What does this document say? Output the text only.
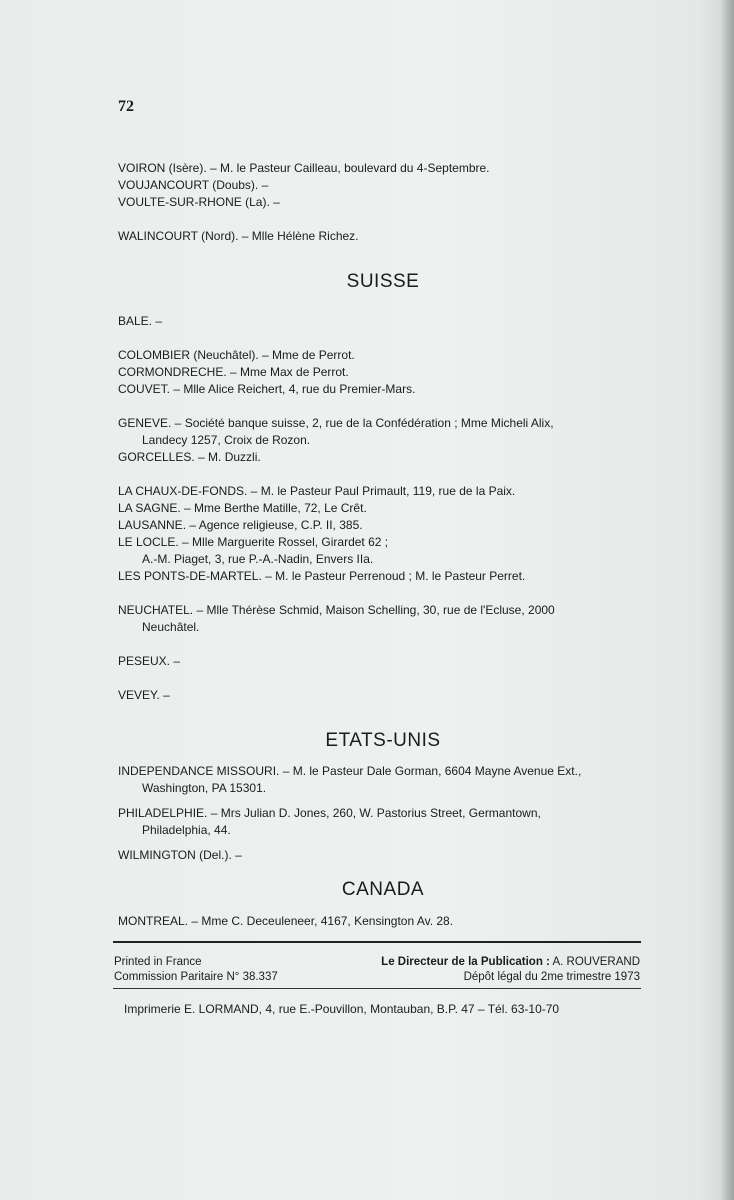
72
VOIRON (Isère). – M. le Pasteur Cailleau, boulevard du 4-Septembre.
VOUJANCOURT (Doubs). –
VOULTE-SUR-RHONE (La). –
WALINCOURT (Nord). – Mlle Hélène Richez.
SUISSE
BALE. –
COLOMBIER (Neuchâtel). – Mme de Perrot.
CORMONDRECHE. – Mme Max de Perrot.
COUVET. – Mlle Alice Reichert, 4, rue du Premier-Mars.
GENEVE. – Société banque suisse, 2, rue de la Confédération ; Mme Micheli Alix,
Landecy 1257, Croix de Rozon.
GORCELLES. – M. Duzzli.
LA CHAUX-DE-FONDS. – M. le Pasteur Paul Primault, 119, rue de la Paix.
LA SAGNE. – Mme Berthe Matille, 72, Le Crêt.
LAUSANNE. – Agence religieuse, C.P. II, 385.
LE LOCLE. – Mlle Marguerite Rossel, Girardet 62 ;
A.-M. Piaget, 3, rue P.-A.-Nadin, Envers IIa.
LES PONTS-DE-MARTEL. – M. le Pasteur Perrenoud ; M. le Pasteur Perret.
NEUCHATEL. – Mlle Thérèse Schmid, Maison Schelling, 30, rue de l'Ecluse, 2000
Neuchâtel.
PESEUX. –
VEVEY. –
ETATS-UNIS
INDEPENDANCE MISSOURI. – M. le Pasteur Dale Gorman, 6604 Mayne Avenue Ext.,
Washington, PA 15301.
PHILADELPHIE. – Mrs Julian D. Jones, 260, W. Pastorius Street, Germantown,
Philadelphia, 44.
WILMINGTON (Del.). –
CANADA
MONTREAL. – Mme C. Deceuleneer, 4167, Kensington Av. 28.
Printed in France
Commission Paritaire N° 38.337
Le Directeur de la Publication : A. ROUVERAND
Dépôt légal du 2me trimestre 1973
Imprimerie E. LORMAND, 4, rue E.-Pouvillon, Montauban, B.P. 47 – Tél. 63-10-70
